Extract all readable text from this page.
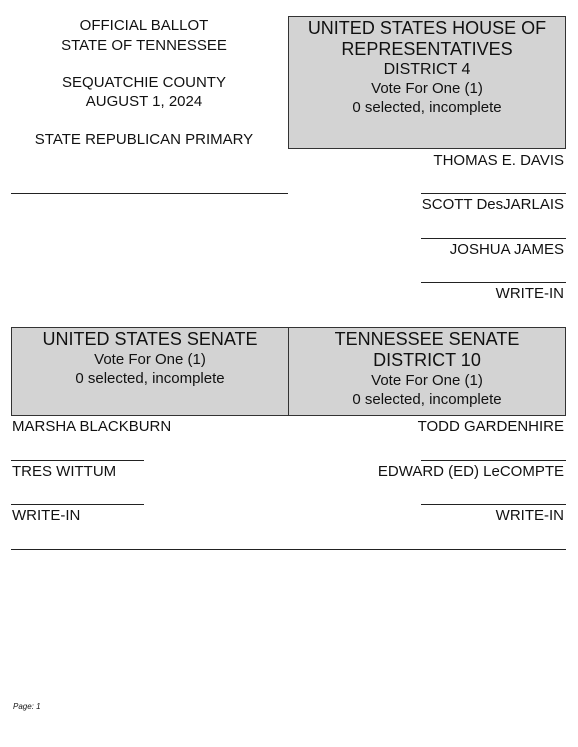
OFFICIAL BALLOT
STATE OF TENNESSEE
SEQUATCHIE COUNTY
AUGUST 1, 2024
STATE REPUBLICAN PRIMARY
UNITED STATES HOUSE OF
REPRESENTATIVES
DISTRICT 4
Vote For One (1)
0 selected, incomplete
THOMAS E. DAVIS
SCOTT DesJARLAIS
JOSHUA JAMES
WRITE-IN
UNITED STATES SENATE
Vote For One (1)
0 selected, incomplete
MARSHA BLACKBURN
TRES WITTUM
WRITE-IN
TENNESSEE SENATE
DISTRICT 10
Vote For One (1)
0 selected, incomplete
TODD GARDENHIRE
EDWARD (ED) LeCOMPTE
WRITE-IN
Page: 1
